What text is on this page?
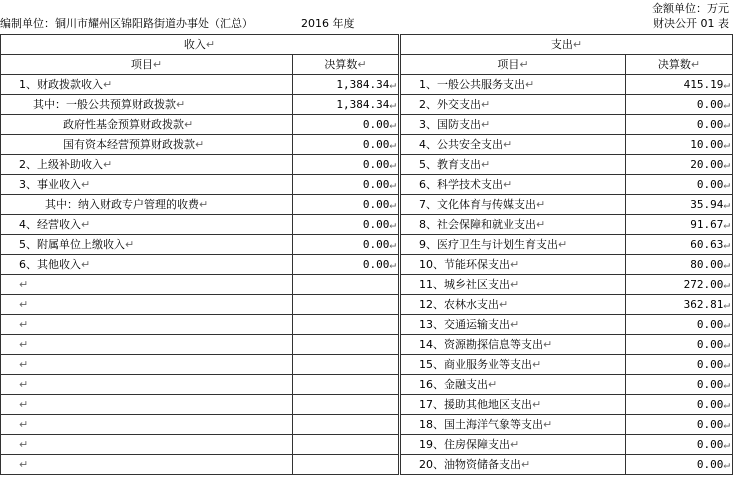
金额单位：万元
编制单位：铜川市耀州区锦阳路街道办事处（汇总）	2016 年度	财决公开 01 表
收入↵		支出↵	
项目↵	决算数↵	项目↵	决算数↵
1、财政拨款收入↵	1,384.34↵	1、一般公共服务支出↵	415.19↵
其中：一般公共预算财政拨款↵	1,384.34↵	2、外交支出↵	0.00↵
政府性基金预算财政拨款↵	0.00↵	3、国防支出↵	0.00↵
国有资本经营预算财政拨款↵	0.00↵	4、公共安全支出↵	10.00↵
2、上级补助收入↵	0.00↵	5、教育支出↵	20.00↵
3、事业收入↵	0.00↵	6、科学技术支出↵	0.00↵
其中：纳入财政专户管理的收费↵	0.00↵	7、文化体育与传媒支出↵	35.94↵
4、经营收入↵	0.00↵	8、社会保障和就业支出↵	91.67↵
5、附属单位上缴收入↵	0.00↵	9、医疗卫生与计划生育支出↵	60.63↵
6、其他收入↵	0.00↵	10、节能环保支出↵	80.00↵
↵		11、城乡社区支出↵	272.00↵
↵		12、农林水支出↵	362.81↵
↵		13、交通运输支出↵	0.00↵
↵		14、资源勘探信息等支出↵	0.00↵
↵		15、商业服务业等支出↵	0.00↵
↵		16、金融支出↵	0.00↵
↵		17、援助其他地区支出↵	0.00↵
↵		18、国土海洋气象等支出↵	0.00↵
↵		19、住房保障支出↵	0.00↵
↵		20、油物资储备支出↵	0.00↵
